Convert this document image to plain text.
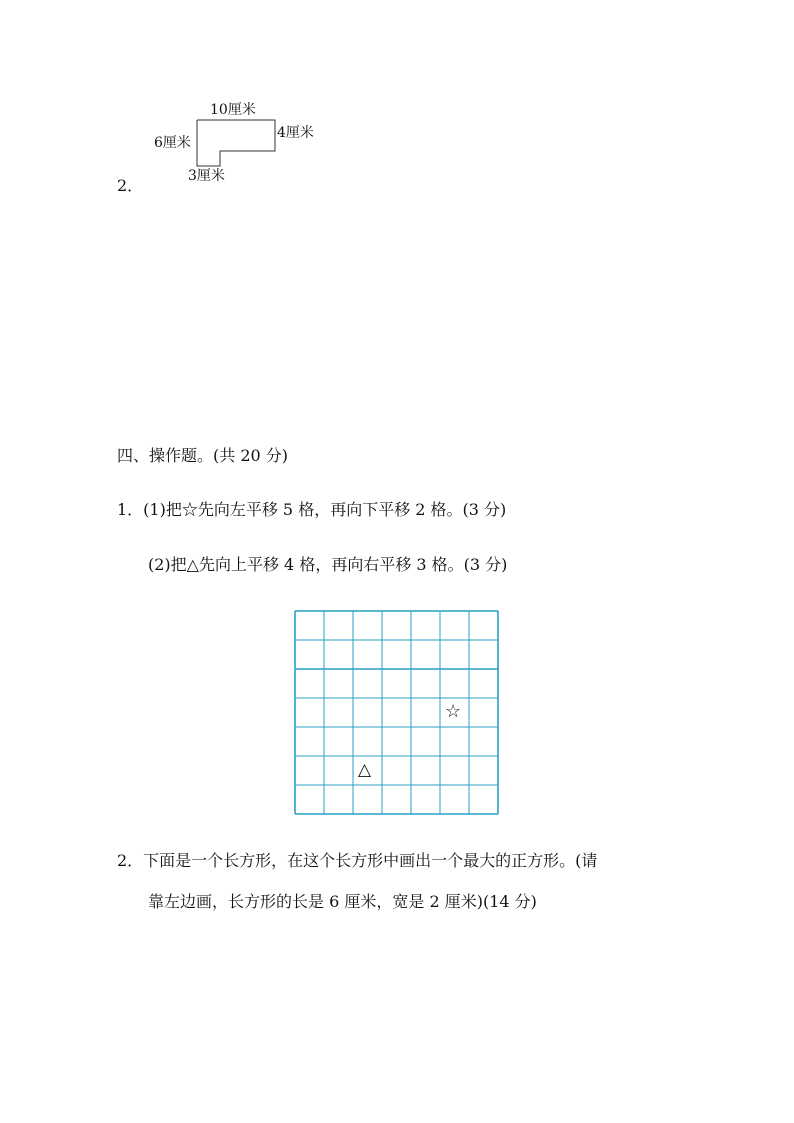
2．
10厘米
4厘米
6厘米
3厘米
四、操作题。(共 20 分)
1．(1)把☆先向左平移 5 格，再向下平移 2 格。(3 分)
(2)把△先向上平移 4 格，再向右平移 3 格。(3 分)
☆
△
2．下面是一个长方形，在这个长方形中画出一个最大的正方形。(请
靠左边画，长方形的长是 6 厘米，宽是 2 厘米)(14 分)
